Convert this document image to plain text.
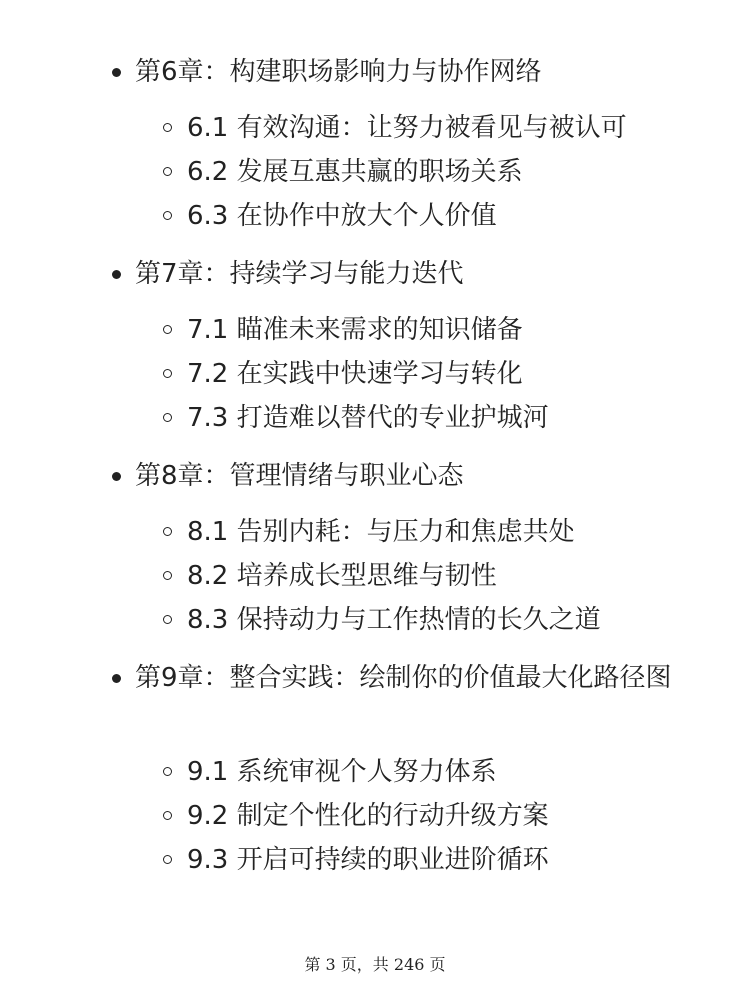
第6章：构建职场影响力与协作网络
6.1 有效沟通：让努力被看见与被认可
6.2 发展互惠共赢的职场关系
6.3 在协作中放大个人价值
第7章：持续学习与能力迭代
7.1 瞄准未来需求的知识储备
7.2 在实践中快速学习与转化
7.3 打造难以替代的专业护城河
第8章：管理情绪与职业心态
8.1 告别内耗：与压力和焦虑共处
8.2 培养成长型思维与韧性
8.3 保持动力与工作热情的长久之道
第9章：整合实践：绘制你的价值最大化路径图
9.1 系统审视个人努力体系
9.2 制定个性化的行动升级方案
9.3 开启可持续的职业进阶循环
第 3 页，共 246 页
